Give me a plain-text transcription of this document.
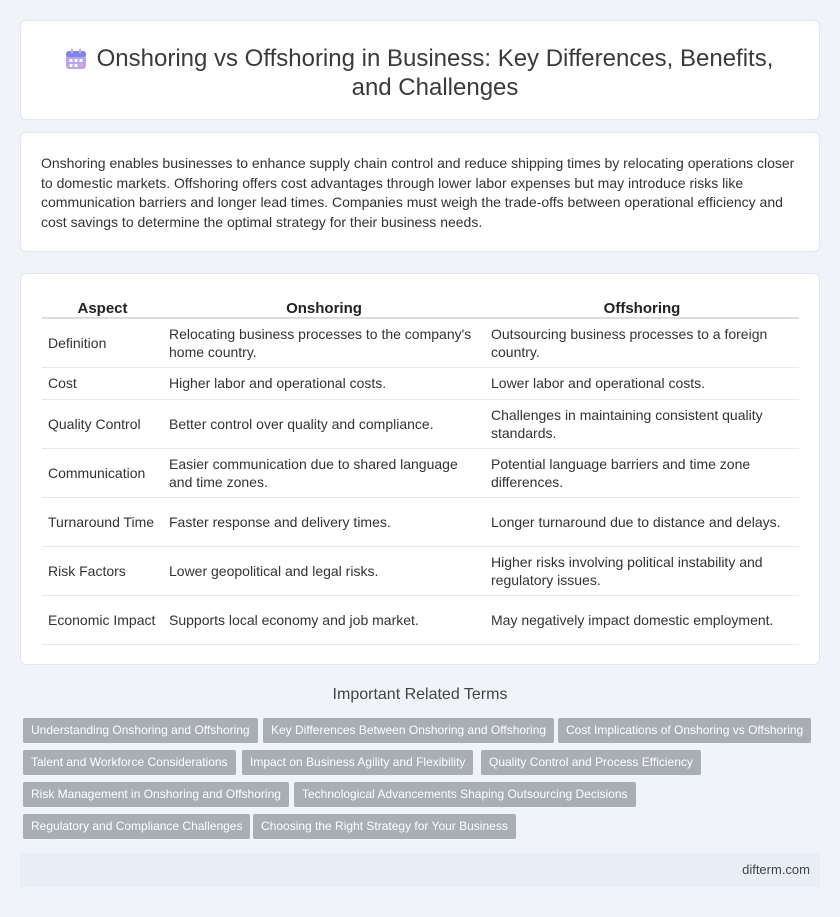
Onshoring vs Offshoring in Business: Key Differences, Benefits, and Challenges

Onshoring enables businesses to enhance supply chain control and reduce shipping times by relocating operations closer to domestic markets. Offshoring offers cost advantages through lower labor expenses but may introduce risks like communication barriers and longer lead times. Companies must weigh the trade-offs between operational efficiency and cost savings to determine the optimal strategy for their business needs.

Aspect	Onshoring	Offshoring
Definition	Relocating business processes to the company's home country.	Outsourcing business processes to a foreign country.
Cost	Higher labor and operational costs.	Lower labor and operational costs.
Quality Control	Better control over quality and compliance.	Challenges in maintaining consistent quality standards.
Communication	Easier communication due to shared language and time zones.	Potential language barriers and time zone differences.
Turnaround Time	Faster response and delivery times.	Longer turnaround due to distance and delays.
Risk Factors	Lower geopolitical and legal risks.	Higher risks involving political instability and regulatory issues.
Economic Impact	Supports local economy and job market.	May negatively impact domestic employment.
Important Related Terms
Understanding Onshoring and Offshoring	Key Differences Between Onshoring and Offshoring	Cost Implications of Onshoring vs Offshoring
Talent and Workforce Considerations	Impact on Business Agility and Flexibility	Quality Control and Process Efficiency
Risk Management in Onshoring and Offshoring	Technological Advancements Shaping Outsourcing Decisions
Regulatory and Compliance Challenges	Choosing the Right Strategy for Your Business
difterm.com
